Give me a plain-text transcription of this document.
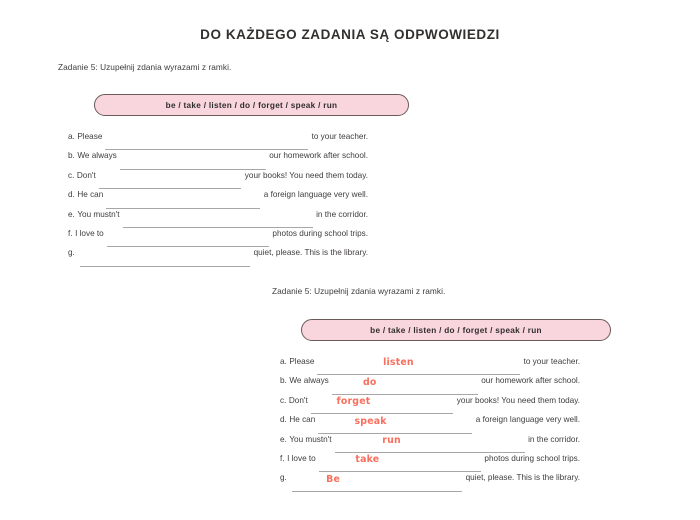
DO KAŻDEGO ZADANIA SĄ ODPWOWIEDZI
Zadanie 5: Uzupełnij zdania wyrazami z ramki.
be / take / listen / do / forget / speak / run
a. Please	to your teacher.
b. We always	our homework after school.
c. Don't	your books! You need them today.
d. He can	a foreign language very well.
e. You mustn't	in the corridor.
f. I love to	photos during school trips.
g.	quiet, please. This is the library.
Zadanie 5: Uzupełnij zdania wyrazami z ramki.
be / take / listen / do / forget / speak / run
a. Please	listen	to your teacher.
b. We always	do	our homework after school.
c. Don't	forget	your books! You need them today.
d. He can	speak	a foreign language very well.
e. You mustn't	run	in the corridor.
f. I love to	take	photos during school trips.
g.	Be	quiet, please. This is the library.
